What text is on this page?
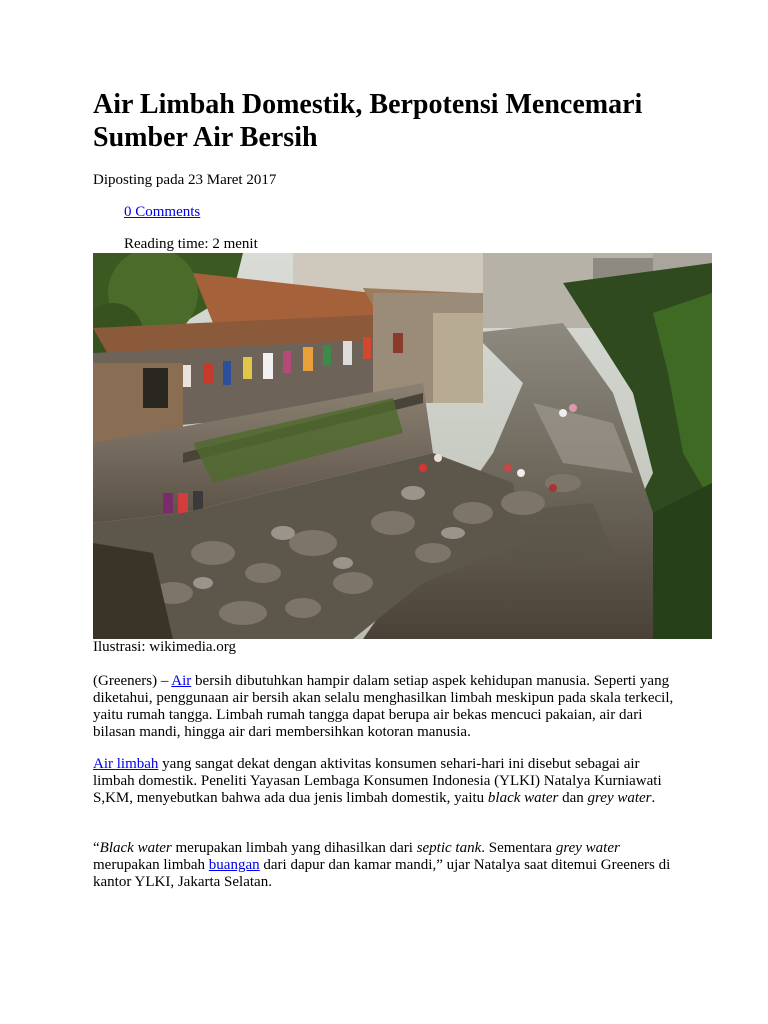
Air Limbah Domestik, Berpotensi Mencemari Sumber Air Bersih
Diposting pada 23 Maret 2017
0 Comments
Reading time: 2 menit
Ilustrasi: wikimedia.org

(Greeners) – Air bersih dibutuhkan hampir dalam setiap aspek kehidupan manusia. Seperti yang diketahui, penggunaan air bersih akan selalu menghasilkan limbah meskipun pada skala terkecil, yaitu rumah tangga. Limbah rumah tangga dapat berupa air bekas mencuci pakaian, air dari bilasan mandi, hingga air dari membersihkan kotoran manusia.

Air limbah yang sangat dekat dengan aktivitas konsumen sehari-hari ini disebut sebagai air limbah domestik. Peneliti Yayasan Lembaga Konsumen Indonesia (YLKI) Natalya Kurniawati S,KM, menyebutkan bahwa ada dua jenis limbah domestik, yaitu black water dan grey water.

“Black water merupakan limbah yang dihasilkan dari septic tank. Sementara grey water merupakan limbah buangan dari dapur dan kamar mandi,” ujar Natalya saat ditemui Greeners di kantor YLKI, Jakarta Selatan.
